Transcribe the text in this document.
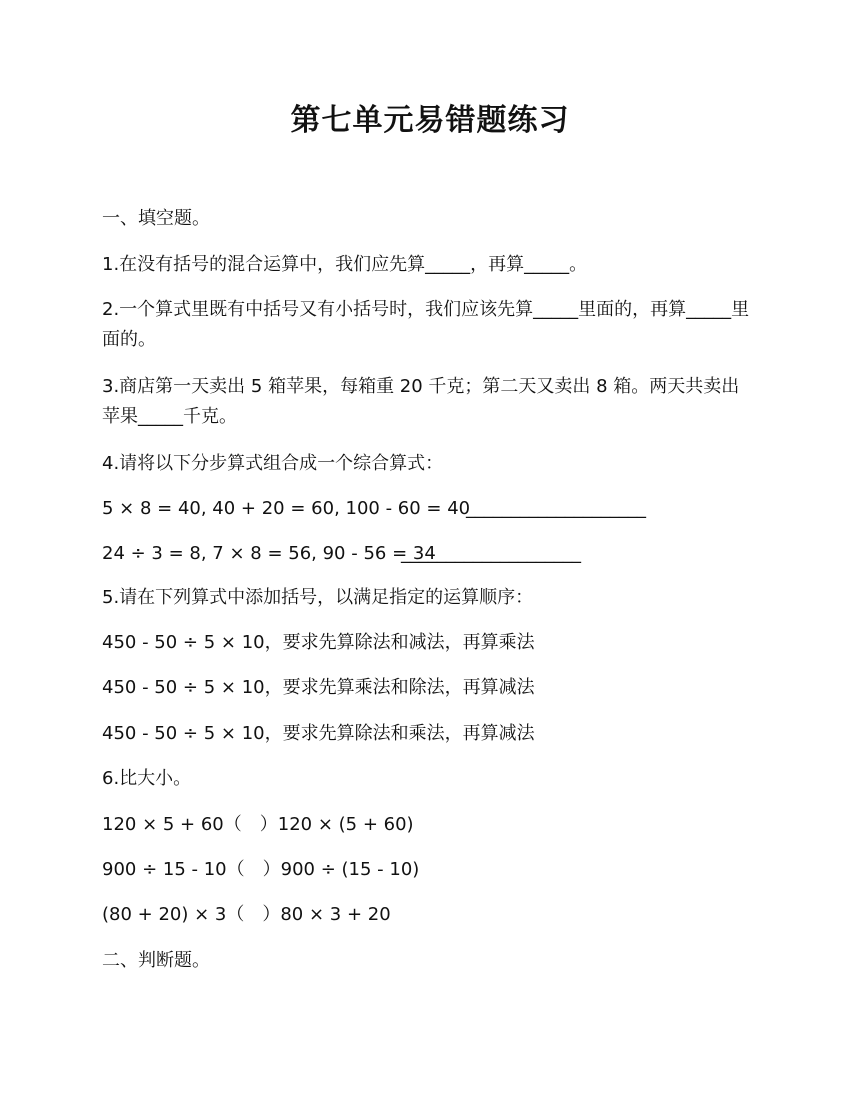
第七单元易错题练习
一、填空题。
1.在没有括号的混合运算中，我们应先算_____，再算_____。
2.一个算式里既有中括号又有小括号时，我们应该先算_____里面的，再算_____里面的。
3.商店第一天卖出 5 箱苹果，每箱重 20 千克；第二天又卖出 8 箱。两天共卖出苹果_____千克。
4.请将以下分步算式组合成一个综合算式：
5 × 8 = 40, 40 + 20 = 60, 100 - 60 = 40
____________________
24 ÷ 3 = 8, 7 × 8 = 56, 90 - 56 = 34
____________________
5.请在下列算式中添加括号，以满足指定的运算顺序：
450 - 50 ÷ 5 × 10，要求先算除法和减法，再算乘法
450 - 50 ÷ 5 × 10，要求先算乘法和除法，再算减法
450 - 50 ÷ 5 × 10，要求先算除法和乘法，再算减法
6.比大小。
120 × 5 + 60（　）120 × (5 + 60)
900 ÷ 15 - 10（　）900 ÷ (15 - 10)
(80 + 20) × 3（　）80 × 3 + 20
二、判断题。
